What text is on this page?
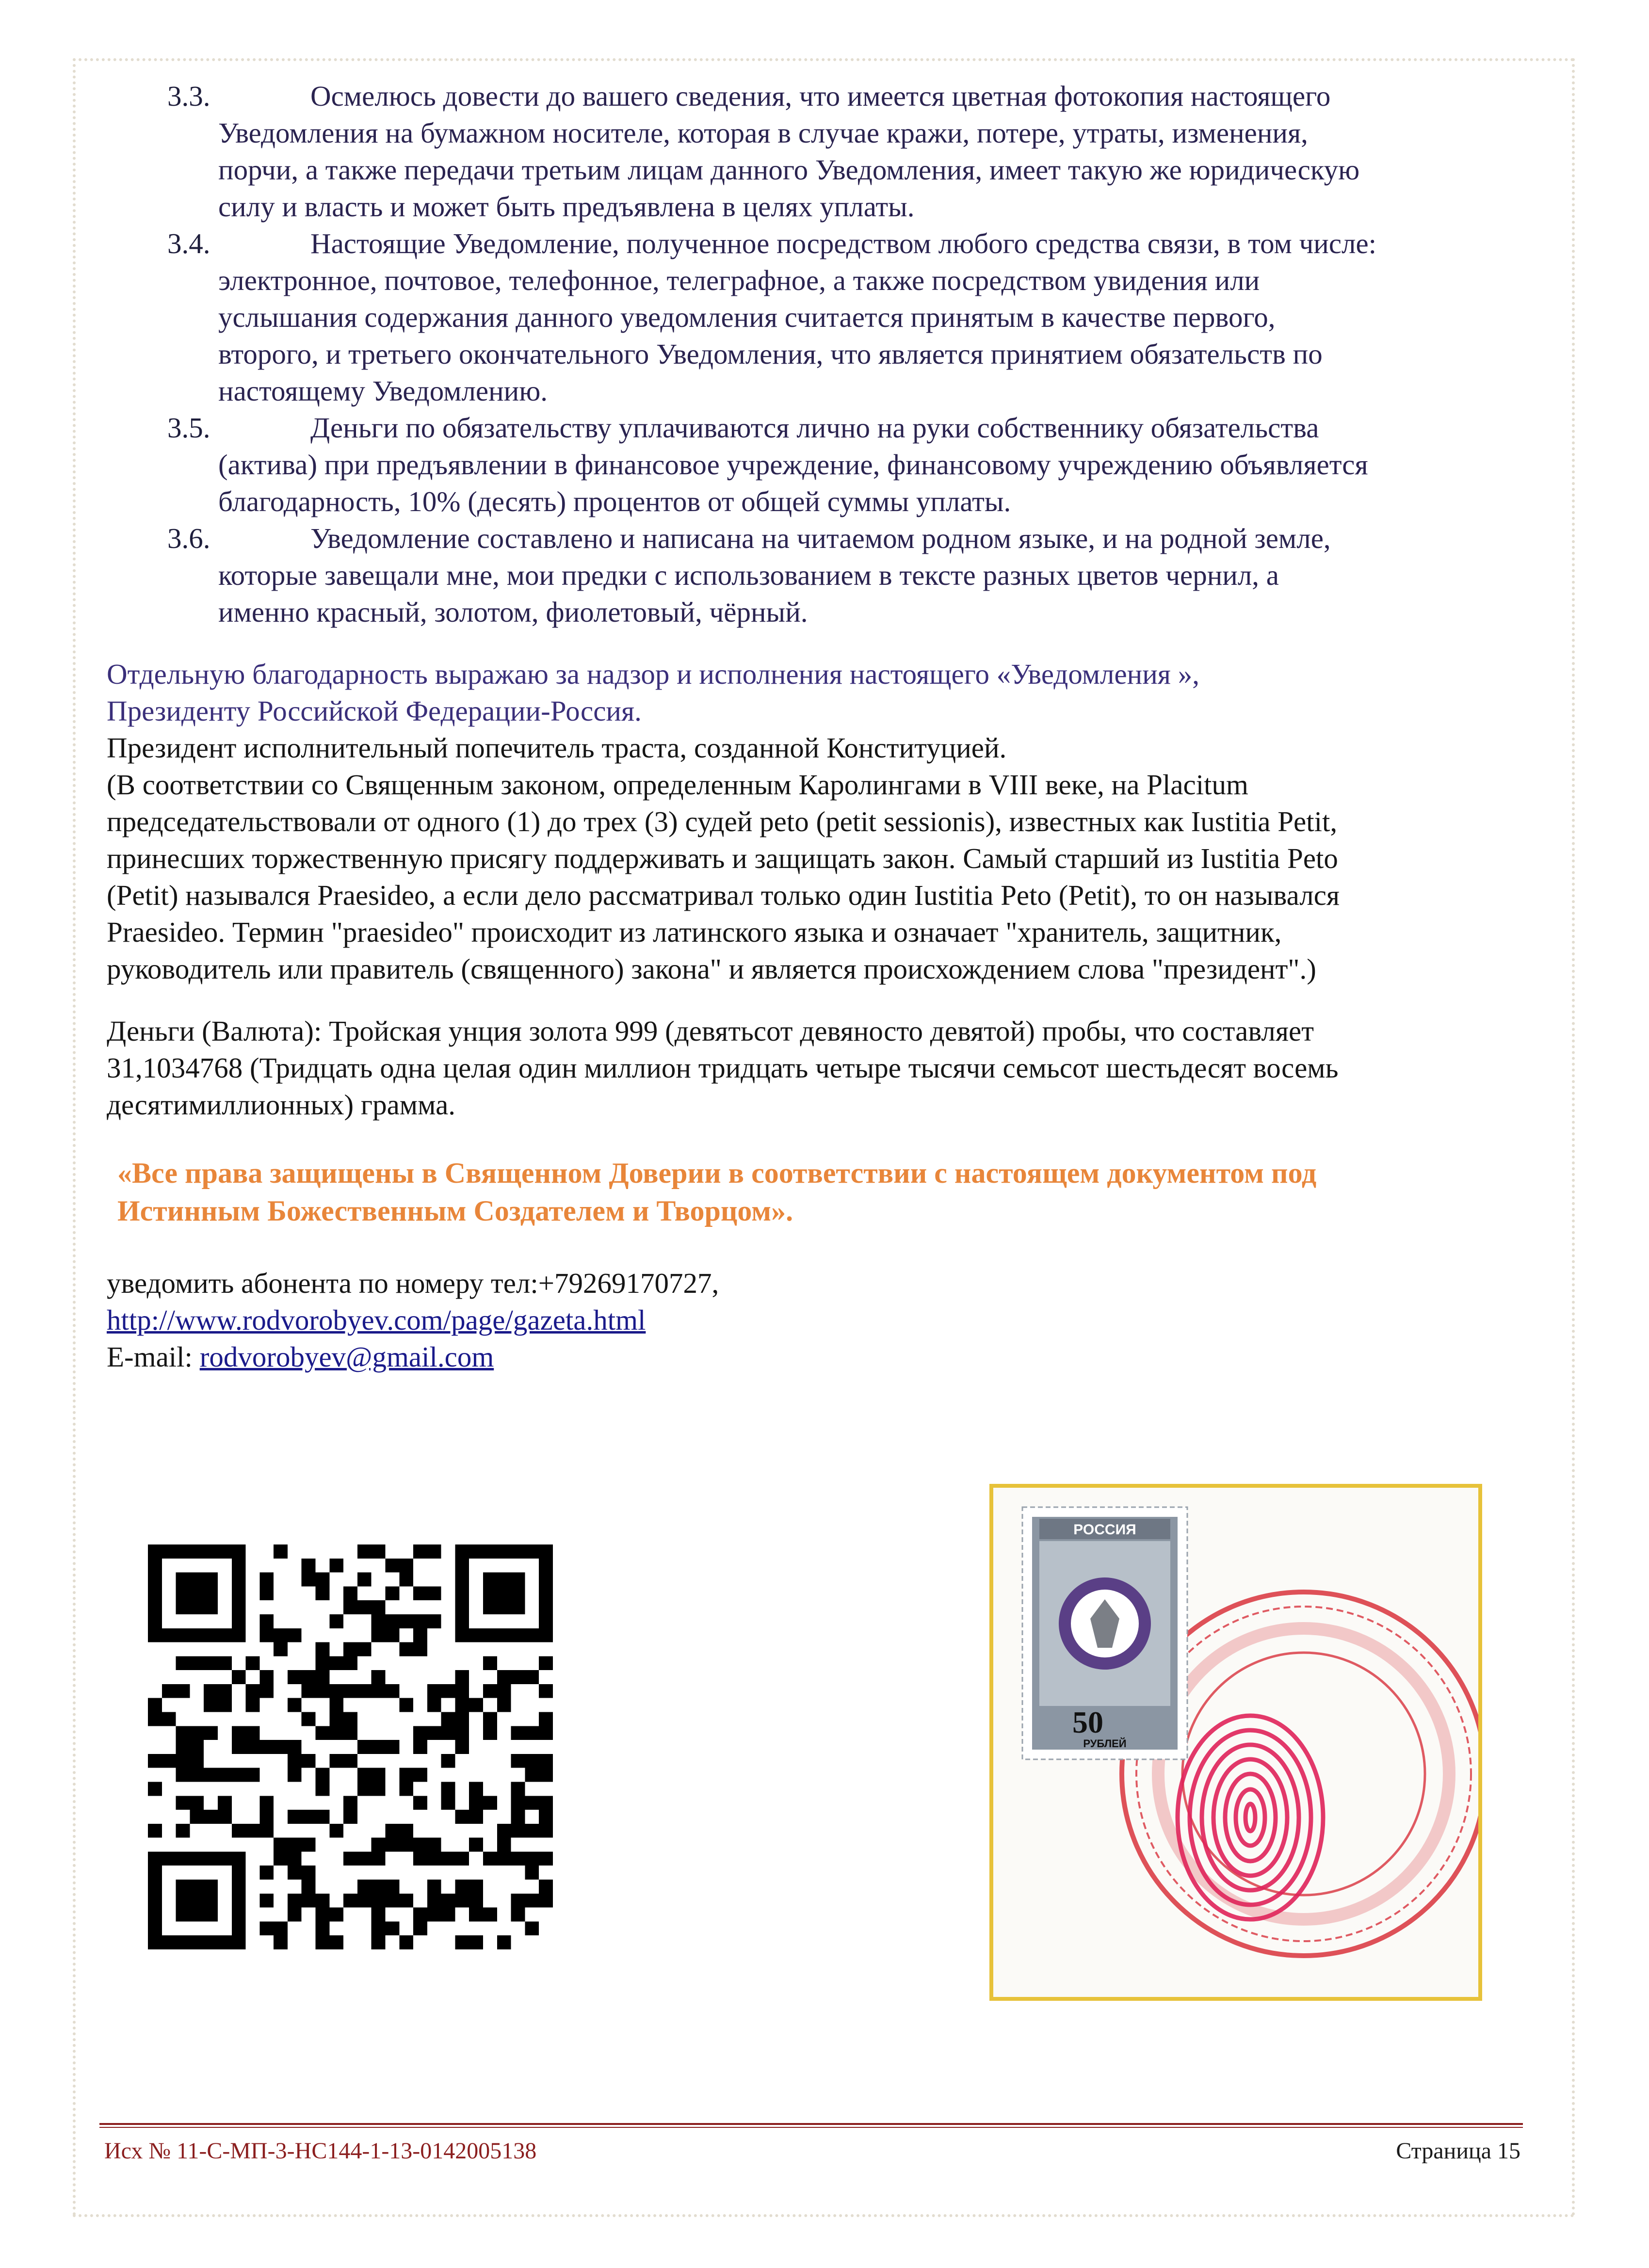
3.3.	Осмелюсь довести до вашего сведения, что имеется цветная фотокопия настоящего
Уведомления на бумажном носителе, которая в случае кражи, потере, утраты, изменения,
порчи, а также передачи третьим лицам данного Уведомления, имеет такую же юридическую
силу и власть и может быть предъявлена в целях уплаты.
3.4.	Настоящие Уведомление, полученное посредством любого средства связи, в том числе:
электронное, почтовое, телефонное, телеграфное, а также посредством увидения или
услышания содержания данного уведомления считается принятым в качестве первого,
второго, и третьего окончательного Уведомления, что является принятием обязательств по
настоящему Уведомлению.
3.5.	Деньги по обязательству уплачиваются лично на руки собственнику обязательства
(актива) при предъявлении в финансовое учреждение, финансовому учреждению объявляется
благодарность, 10% (десять) процентов от общей суммы уплаты.
3.6.	Уведомление составлено и написана на читаемом родном языке, и на родной земле,
которые завещали мне, мои предки с использованием в тексте разных цветов чернил, а
именно красный, золотом, фиолетовый, чёрный.
Отдельную благодарность выражаю за надзор и исполнения настоящего «Уведомления »,
Президенту Российской Федерации-Россия.
Президент исполнительный попечитель траста, созданной Конституцией.
(В соответствии со Священным законом, определенным Каролингами в VIII веке, на Placitum
председательствовали от одного (1) до трех (3) судей peto (petit sessionis), известных как Iustitia Petit,
принесших торжественную присягу поддерживать и защищать закон. Самый старший из Iustitia Peto
(Petit) назывался Praesideo, а если дело рассматривал только один Iustitia Peto (Petit), то он назывался
Praesideo. Термин "praesideo" происходит из латинского языка и означает "хранитель, защитник,
руководитель или правитель (священного) закона" и является происхождением слова "президент".)
Деньги (Валюта): Тройская унция золота 999 (девятьсот девяносто девятой) пробы, что составляет
31,1034768 (Тридцать одна целая один миллион тридцать четыре тысячи семьсот шестьдесят восемь
десятимиллионных) грамма.
«Все права защищены в Священном Доверии в соответствии с настоящем документом под
Истинным Божественным Создателем и Творцом».
уведомить абонента по номеру тел:+79269170727,
http://www.rodvorobyev.com/page/gazeta.html
E-mail: rodvorobyev@gmail.com
РОССИЯ
50
РУБЛЕЙ
Исх № 11-С-МП-3-НС144-1-13-0142005138	Страница 15
